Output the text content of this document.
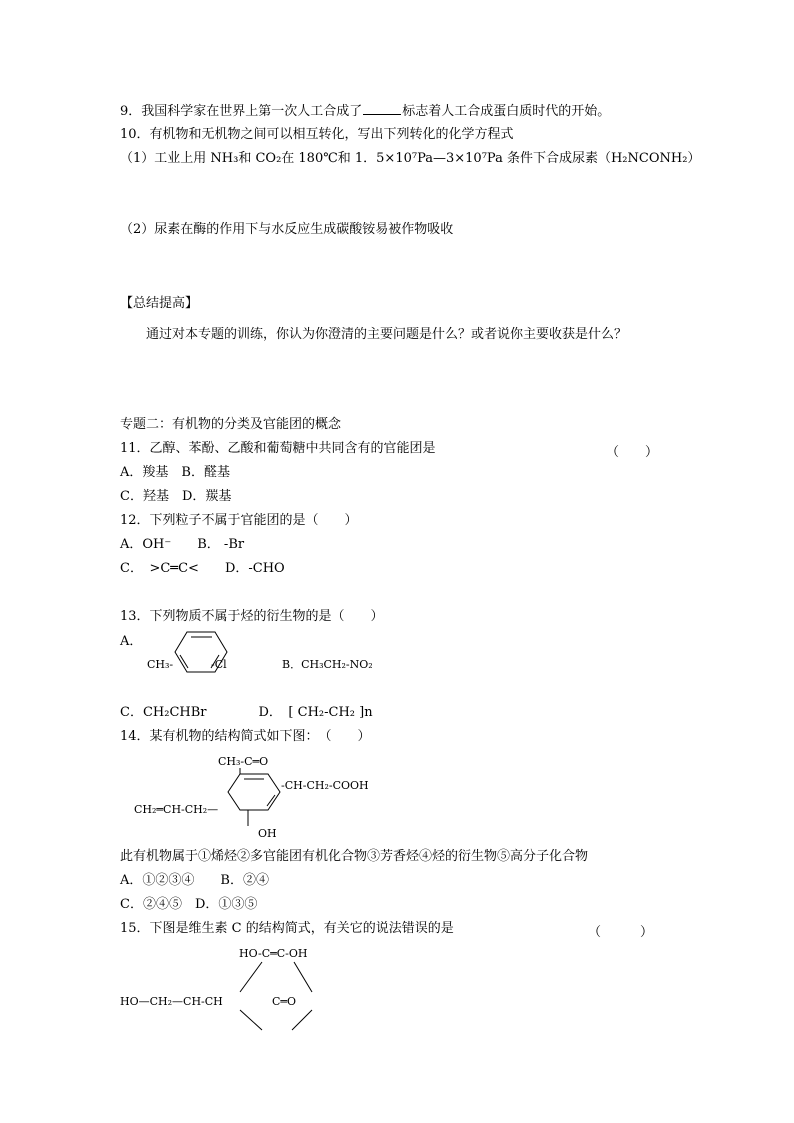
9．我国科学家在世界上第一次人工合成了	标志着人工合成蛋白质时代的开始。
10．有机物和无机物之间可以相互转化，写出下列转化的化学方程式
（1）工业上用 NH₃和 CO₂在 180℃和 1．5×10⁷Pa—3×10⁷Pa 条件下合成尿素（H₂NCONH₂）
（2）尿素在酶的作用下与水反应生成碳酸铵易被作物吸收
【总结提高】
通过对本专题的训练，你认为你澄清的主要问题是什么？或者说你主要收获是什么？
专题二：有机物的分类及官能团的概念
11．乙醇、苯酚、乙酸和葡萄糖中共同含有的官能团是	（　　）
A．羧基　B．醛基
C．羟基　D．羰基
12．下列粒子不属于官能团的是（　　）
A．OH⁻　　B． -Br
C．　>C═C<　　D．-CHO
13．下列物质不属于烃的衍生物的是（　　）
A．
CH₃-	-Cl	B．CH₃CH₂-NO₂
C．CH₂CHBr　　　　D．　[ CH₂-CH₂ ]n
14．某有机物的结构简式如下图：　（　　）
CH₃-C═O
-CH-CH₂-COOH
CH₂═CH-CH₂—
OH
此有机物属于①烯烃②多官能团有机化合物③芳香烃④烃的衍生物⑤高分子化合物
A．①②③④　　B．②④
C．②④⑤　D．①③⑤
15．下图是维生素 C 的结构简式，有关它的说法错误的是	（　　　）
HO-C═C-OH
HO—CH₂—CH-CH	C═O
